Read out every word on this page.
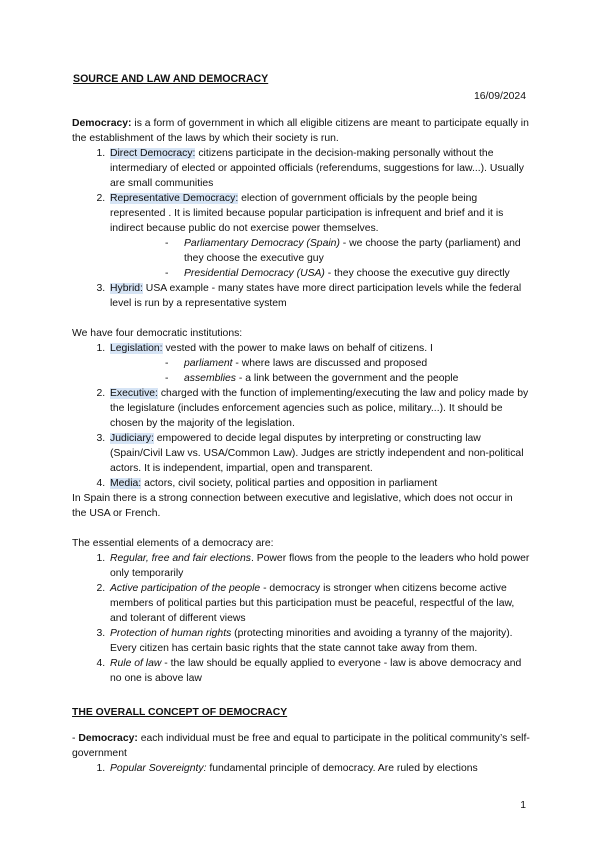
SOURCE AND LAW AND DEMOCRACY
16/09/2024

Democracy: is a form of government in which all eligible citizens are meant to participate equally in the establishment of the laws by which their society is run.

1. Direct Democracy: citizens participate in the decision-making personally without the intermediary of elected or appointed officials (referendums, suggestions for law...). Usually are small communities
2. Representative Democracy: election of government officials by the people being represented . It is limited because popular participation is infrequent and brief and it is indirect because public do not exercise power themselves.
- Parliamentary Democracy (Spain) - we choose the party (parliament) and they choose the executive guy
- Presidential Democracy (USA) - they choose the executive guy directly
3. Hybrid: USA example - many states have more direct participation levels while the federal level is run by a representative system

We have four democratic institutions:

1. Legislation: vested with the power to make laws on behalf of citizens. I
- parliament - where laws are discussed and proposed
- assemblies - a link between the government and the people
2. Executive: charged with the function of implementing/executing the law and policy made by the legislature (includes enforcement agencies such as police, military...). It should be chosen by the majority of the legislation.
3. Judiciary: empowered to decide legal disputes by interpreting or constructing law (Spain/Civil Law vs. USA/Common Law). Judges are strictly independent and non-political actors. It is independent, impartial, open and transparent.
4. Media: actors, civil society, political parties and opposition in parliament

In Spain there is a strong connection between executive and legislative, which does not occur in the USA or French.

The essential elements of a democracy are:

1. Regular, free and fair elections. Power flows from the people to the leaders who hold power only temporarily
2. Active participation of the people - democracy is stronger when citizens become active members of political parties but this participation must be peaceful, respectful of the law, and tolerant of different views
3. Protection of human rights (protecting minorities and avoiding a tyranny of the majority). Every citizen has certain basic rights that the state cannot take away from them.
4. Rule of law - the law should be equally applied to everyone - law is above democracy and no one is above law

THE OVERALL CONCEPT OF DEMOCRACY

- Democracy: each individual must be free and equal to participate in the political community’s self-government

1. Popular Sovereignty: fundamental principle of democracy. Are ruled by elections
1
